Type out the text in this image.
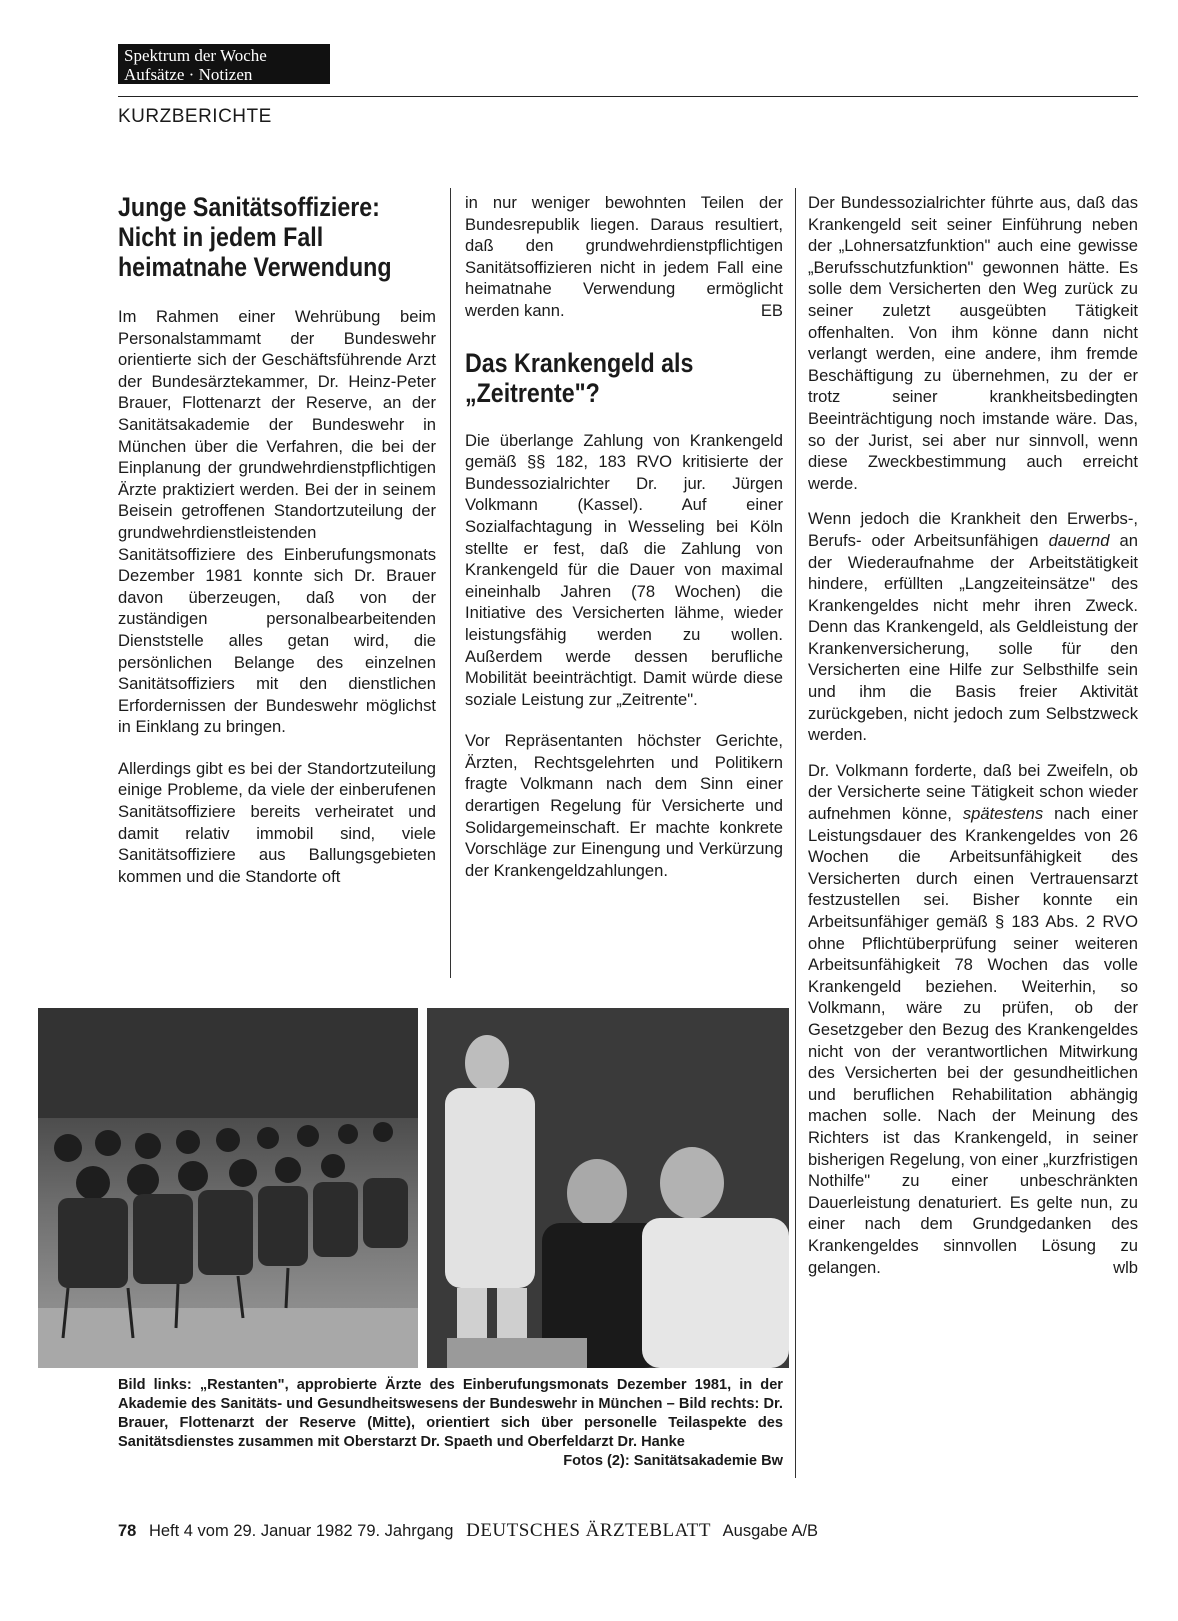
Spektrum der Woche
Aufsätze · Notizen
KURZBERICHTE
Junge Sanitätsoffiziere: Nicht in jedem Fall heimatnahe Verwendung

Im Rahmen einer Wehrübung beim Personalstammamt der Bundeswehr orientierte sich der Geschäftsführende Arzt der Bundesärztekammer, Dr. Heinz-Peter Brauer, Flottenarzt der Reserve, an der Sanitätsakademie der Bundeswehr in München über die Verfahren, die bei der Einplanung der grundwehrdienstpflichtigen Ärzte praktiziert werden. Bei der in seinem Beisein getroffenen Standortzuteilung der grundwehrdienstleistenden Sanitätsoffiziere des Einberufungsmonats Dezember 1981 konnte sich Dr. Brauer davon überzeugen, daß von der zuständigen personalbearbeitenden Dienststelle alles getan wird, die persönlichen Belange des einzelnen Sanitätsoffiziers mit den dienstlichen Erfordernissen der Bundeswehr möglichst in Einklang zu bringen.

Allerdings gibt es bei der Standortzuteilung einige Probleme, da viele der einberufenen Sanitätsoffiziere bereits verheiratet und damit relativ immobil sind, viele Sanitätsoffiziere aus Ballungsgebieten kommen und die Standorte oft

in nur weniger bewohnten Teilen der Bundesrepublik liegen. Daraus resultiert, daß den grundwehrdienstpflichtigen Sanitätsoffizieren nicht in jedem Fall eine heimatnahe Verwendung ermöglicht werden kann.	EB

Das Krankengeld als „Zeitrente"?

Die überlange Zahlung von Krankengeld gemäß §§ 182, 183 RVO kritisierte der Bundessozialrichter Dr. jur. Jürgen Volkmann (Kassel). Auf einer Sozialfachtagung in Wesseling bei Köln stellte er fest, daß die Zahlung von Krankengeld für die Dauer von maximal eineinhalb Jahren (78 Wochen) die Initiative des Versicherten lähme, wieder leistungsfähig werden zu wollen. Außerdem werde dessen berufliche Mobilität beeinträchtigt. Damit würde diese soziale Leistung zur „Zeitrente".

Vor Repräsentanten höchster Gerichte, Ärzten, Rechtsgelehrten und Politikern fragte Volkmann nach dem Sinn einer derartigen Regelung für Versicherte und Solidargemeinschaft. Er machte konkrete Vorschläge zur Einengung und Verkürzung der Krankengeldzahlungen.

Der Bundessozialrichter führte aus, daß das Krankengeld seit seiner Einführung neben der „Lohnersatzfunktion" auch eine gewisse „Berufsschutzfunktion" gewonnen hätte. Es solle dem Versicherten den Weg zurück zu seiner zuletzt ausgeübten Tätigkeit offenhalten. Von ihm könne dann nicht verlangt werden, eine andere, ihm fremde Beschäftigung zu übernehmen, zu der er trotz seiner krankheitsbedingten Beeinträchtigung noch imstande wäre. Das, so der Jurist, sei aber nur sinnvoll, wenn diese Zweckbestimmung auch erreicht werde.

Wenn jedoch die Krankheit den Erwerbs-, Berufs- oder Arbeitsunfähigen dauernd an der Wiederaufnahme der Arbeitstätigkeit hindere, erfüllten „Langzeiteinsätze" des Krankengeldes nicht mehr ihren Zweck. Denn das Krankengeld, als Geldleistung der Krankenversicherung, solle für den Versicherten eine Hilfe zur Selbsthilfe sein und ihm die Basis freier Aktivität zurückgeben, nicht jedoch zum Selbstzweck werden.

Dr. Volkmann forderte, daß bei Zweifeln, ob der Versicherte seine Tätigkeit schon wieder aufnehmen könne, spätestens nach einer Leistungsdauer des Krankengeldes von 26 Wochen die Arbeitsunfähigkeit des Versicherten durch einen Vertrauensarzt festzustellen sei. Bisher konnte ein Arbeitsunfähiger gemäß § 183 Abs. 2 RVO ohne Pflichtüberprüfung seiner weiteren Arbeitsunfähigkeit 78 Wochen das volle Krankengeld beziehen. Weiterhin, so Volkmann, wäre zu prüfen, ob der Gesetzgeber den Bezug des Krankengeldes nicht von der verantwortlichen Mitwirkung des Versicherten bei der gesundheitlichen und beruflichen Rehabilitation abhängig machen solle. Nach der Meinung des Richters ist das Krankengeld, in seiner bisherigen Regelung, von einer „kurzfristigen Nothilfe" zu einer unbeschränkten Dauerleistung denaturiert. Es gelte nun, zu einer nach dem Grundgedanken des Krankengeldes sinnvollen Lösung zu gelangen.	wlb

Bild links: „Restanten", approbierte Ärzte des Einberufungsmonats Dezember 1981, in der Akademie des Sanitäts- und Gesundheitswesens der Bundeswehr in München – Bild rechts: Dr. Brauer, Flottenarzt der Reserve (Mitte), orientiert sich über personelle Teilaspekte des Sanitätsdienstes zusammen mit Oberstarzt Dr. Spaeth und Oberfeldarzt Dr. Hanke
Fotos (2): Sanitätsakademie Bw
78 Heft 4 vom 29. Januar 1982 79. Jahrgang DEUTSCHES ÄRZTEBLATT Ausgabe A/B
